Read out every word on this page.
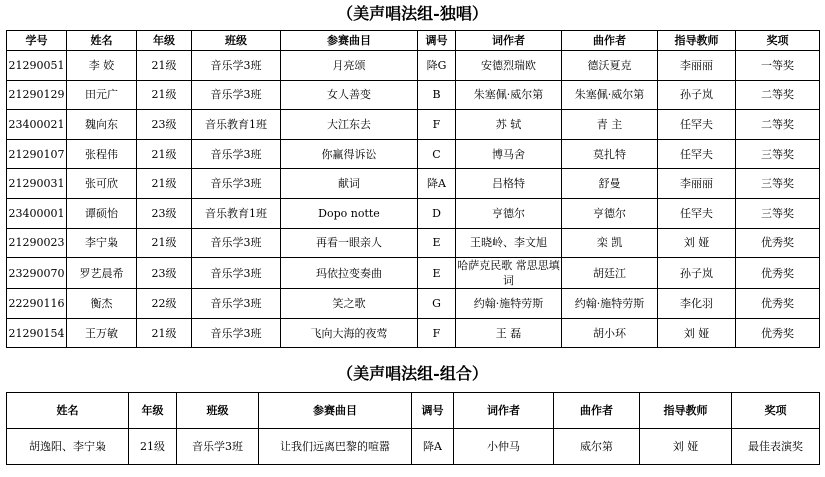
（美声唱法组-独唱）
学号	姓名	年级	班级	参赛曲目	调号	词作者	曲作者	指导教师	奖项
21290051	李 姣	21级	音乐学3班	月亮颂	降G	安德烈瑞欧	德沃夏克	李丽丽	一等奖
21290129	田元广	21级	音乐学3班	女人善变	B	朱塞佩·威尔第	朱塞佩·威尔第	孙子岚	二等奖
23400021	魏向东	23级	音乐教育1班	大江东去	F	苏 轼	青 主	任罕夫	二等奖
21290107	张程伟	21级	音乐学3班	你赢得诉讼	C	博马舍	莫扎特	任罕夫	三等奖
21290031	张可欣	21级	音乐学3班	献词	降A	吕格特	舒曼	李丽丽	三等奖
23400001	谭硕怡	23级	音乐教育1班	Dopo notte	D	亨德尔	亨德尔	任罕夫	三等奖
21290023	李宁枭	21级	音乐学3班	再看一眼亲人	E	王晓岭、李文旭	栾 凯	刘 娅	优秀奖
23290070	罗艺晨希	23级	音乐学3班	玛依拉变奏曲	E	哈萨克民歌 常思思填词	胡廷江	孙子岚	优秀奖
22290116	衡杰	22级	音乐学3班	笑之歌	G	约翰·施特劳斯	约翰·施特劳斯	李化羽	优秀奖
21290154	王万敏	21级	音乐学3班	飞向大海的夜莺	F	王 磊	胡小环	刘 娅	优秀奖
（美声唱法组-组合）
姓名	年级	班级	参赛曲目	调号	词作者	曲作者	指导教师	奖项
胡逸阳、李宁枭	21级	音乐学3班	让我们远离巴黎的喧嚣	降A	小仲马	威尔第	刘 娅	最佳表演奖
